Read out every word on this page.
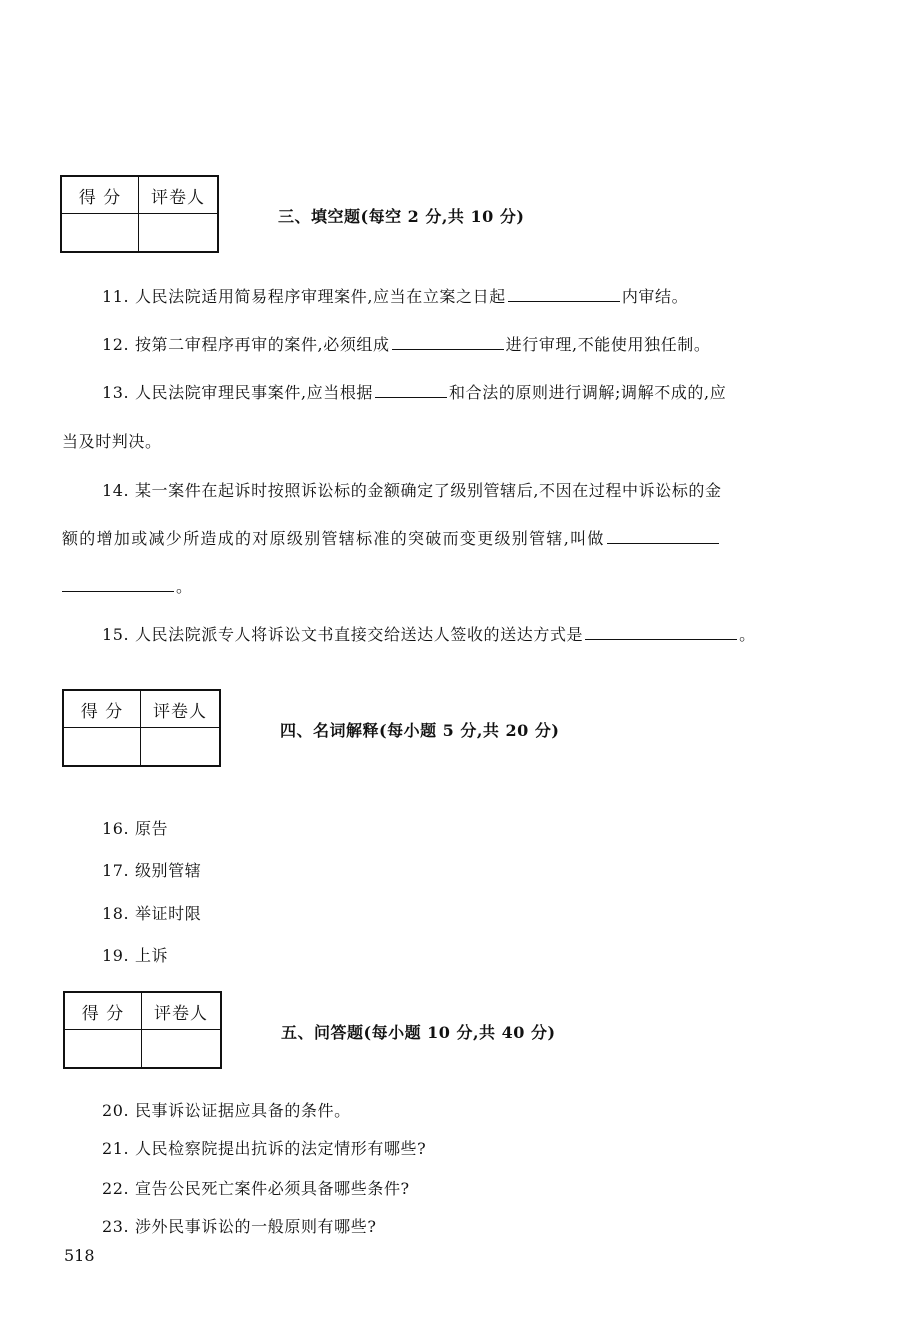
得 分	评卷人

三、填空题(每空 2 分,共 10 分)
11. 人民法院适用简易程序审理案件,应当在立案之日起	内审结。
12. 按第二审程序再审的案件,必须组成	进行审理,不能使用独任制。
13. 人民法院审理民事案件,应当根据	和合法的原则进行调解;调解不成的,应
当及时判决。
14. 某一案件在起诉时按照诉讼标的金额确定了级别管辖后,不因在过程中诉讼标的金
额的增加或减少所造成的对原级别管辖标准的突破而变更级别管辖,叫做
。
15. 人民法院派专人将诉讼文书直接交给送达人签收的送达方式是	。
得 分	评卷人

四、名词解释(每小题 5 分,共 20 分)
16. 原告
17. 级别管辖
18. 举证时限
19. 上诉
得 分	评卷人

五、问答题(每小题 10 分,共 40 分)
20. 民事诉讼证据应具备的条件。
21. 人民检察院提出抗诉的法定情形有哪些?
22. 宣告公民死亡案件必须具备哪些条件?
23. 涉外民事诉讼的一般原则有哪些?
518
